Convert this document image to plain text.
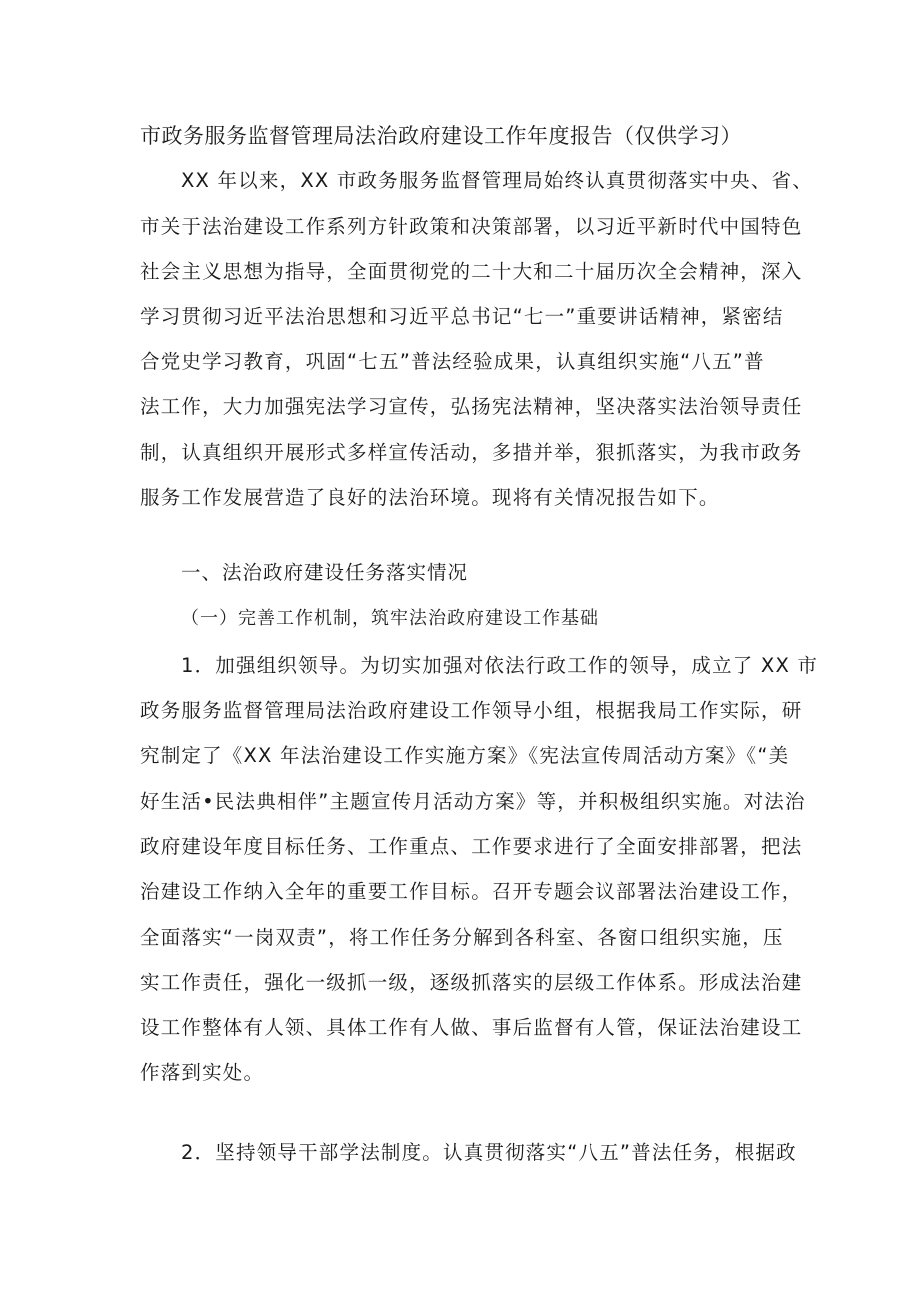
市政务服务监督管理局法治政府建设工作年度报告（仅供学习）
XX 年以来，XX 市政务服务监督管理局始终认真贯彻落实中央、省、
市关于法治建设工作系列方针政策和决策部署，以习近平新时代中国特色
社会主义思想为指导，全面贯彻党的二十大和二十届历次全会精神，深入
学习贯彻习近平法治思想和习近平总书记“七一”重要讲话精神，紧密结
合党史学习教育，巩固“七五”普法经验成果，认真组织实施“八五”普
法工作，大力加强宪法学习宣传，弘扬宪法精神，坚决落实法治领导责任
制，认真组织开展形式多样宣传活动，多措并举，狠抓落实，为我市政务
服务工作发展营造了良好的法治环境。现将有关情况报告如下。
一、法治政府建设任务落实情况
（一）完善工作机制，筑牢法治政府建设工作基础
1．加强组织领导。为切实加强对依法行政工作的领导，成立了 XX 市
政务服务监督管理局法治政府建设工作领导小组，根据我局工作实际，研
究制定了《XX 年法治建设工作实施方案》《宪法宣传周活动方案》《“美
好生活•民法典相伴”主题宣传月活动方案》等，并积极组织实施。对法治
政府建设年度目标任务、工作重点、工作要求进行了全面安排部署，把法
治建设工作纳入全年的重要工作目标。召开专题会议部署法治建设工作，
全面落实“一岗双责”，将工作任务分解到各科室、各窗口组织实施，压
实工作责任，强化一级抓一级，逐级抓落实的层级工作体系。形成法治建
设工作整体有人领、具体工作有人做、事后监督有人管，保证法治建设工
作落到实处。
2．坚持领导干部学法制度。认真贯彻落实“八五”普法任务，根据政
